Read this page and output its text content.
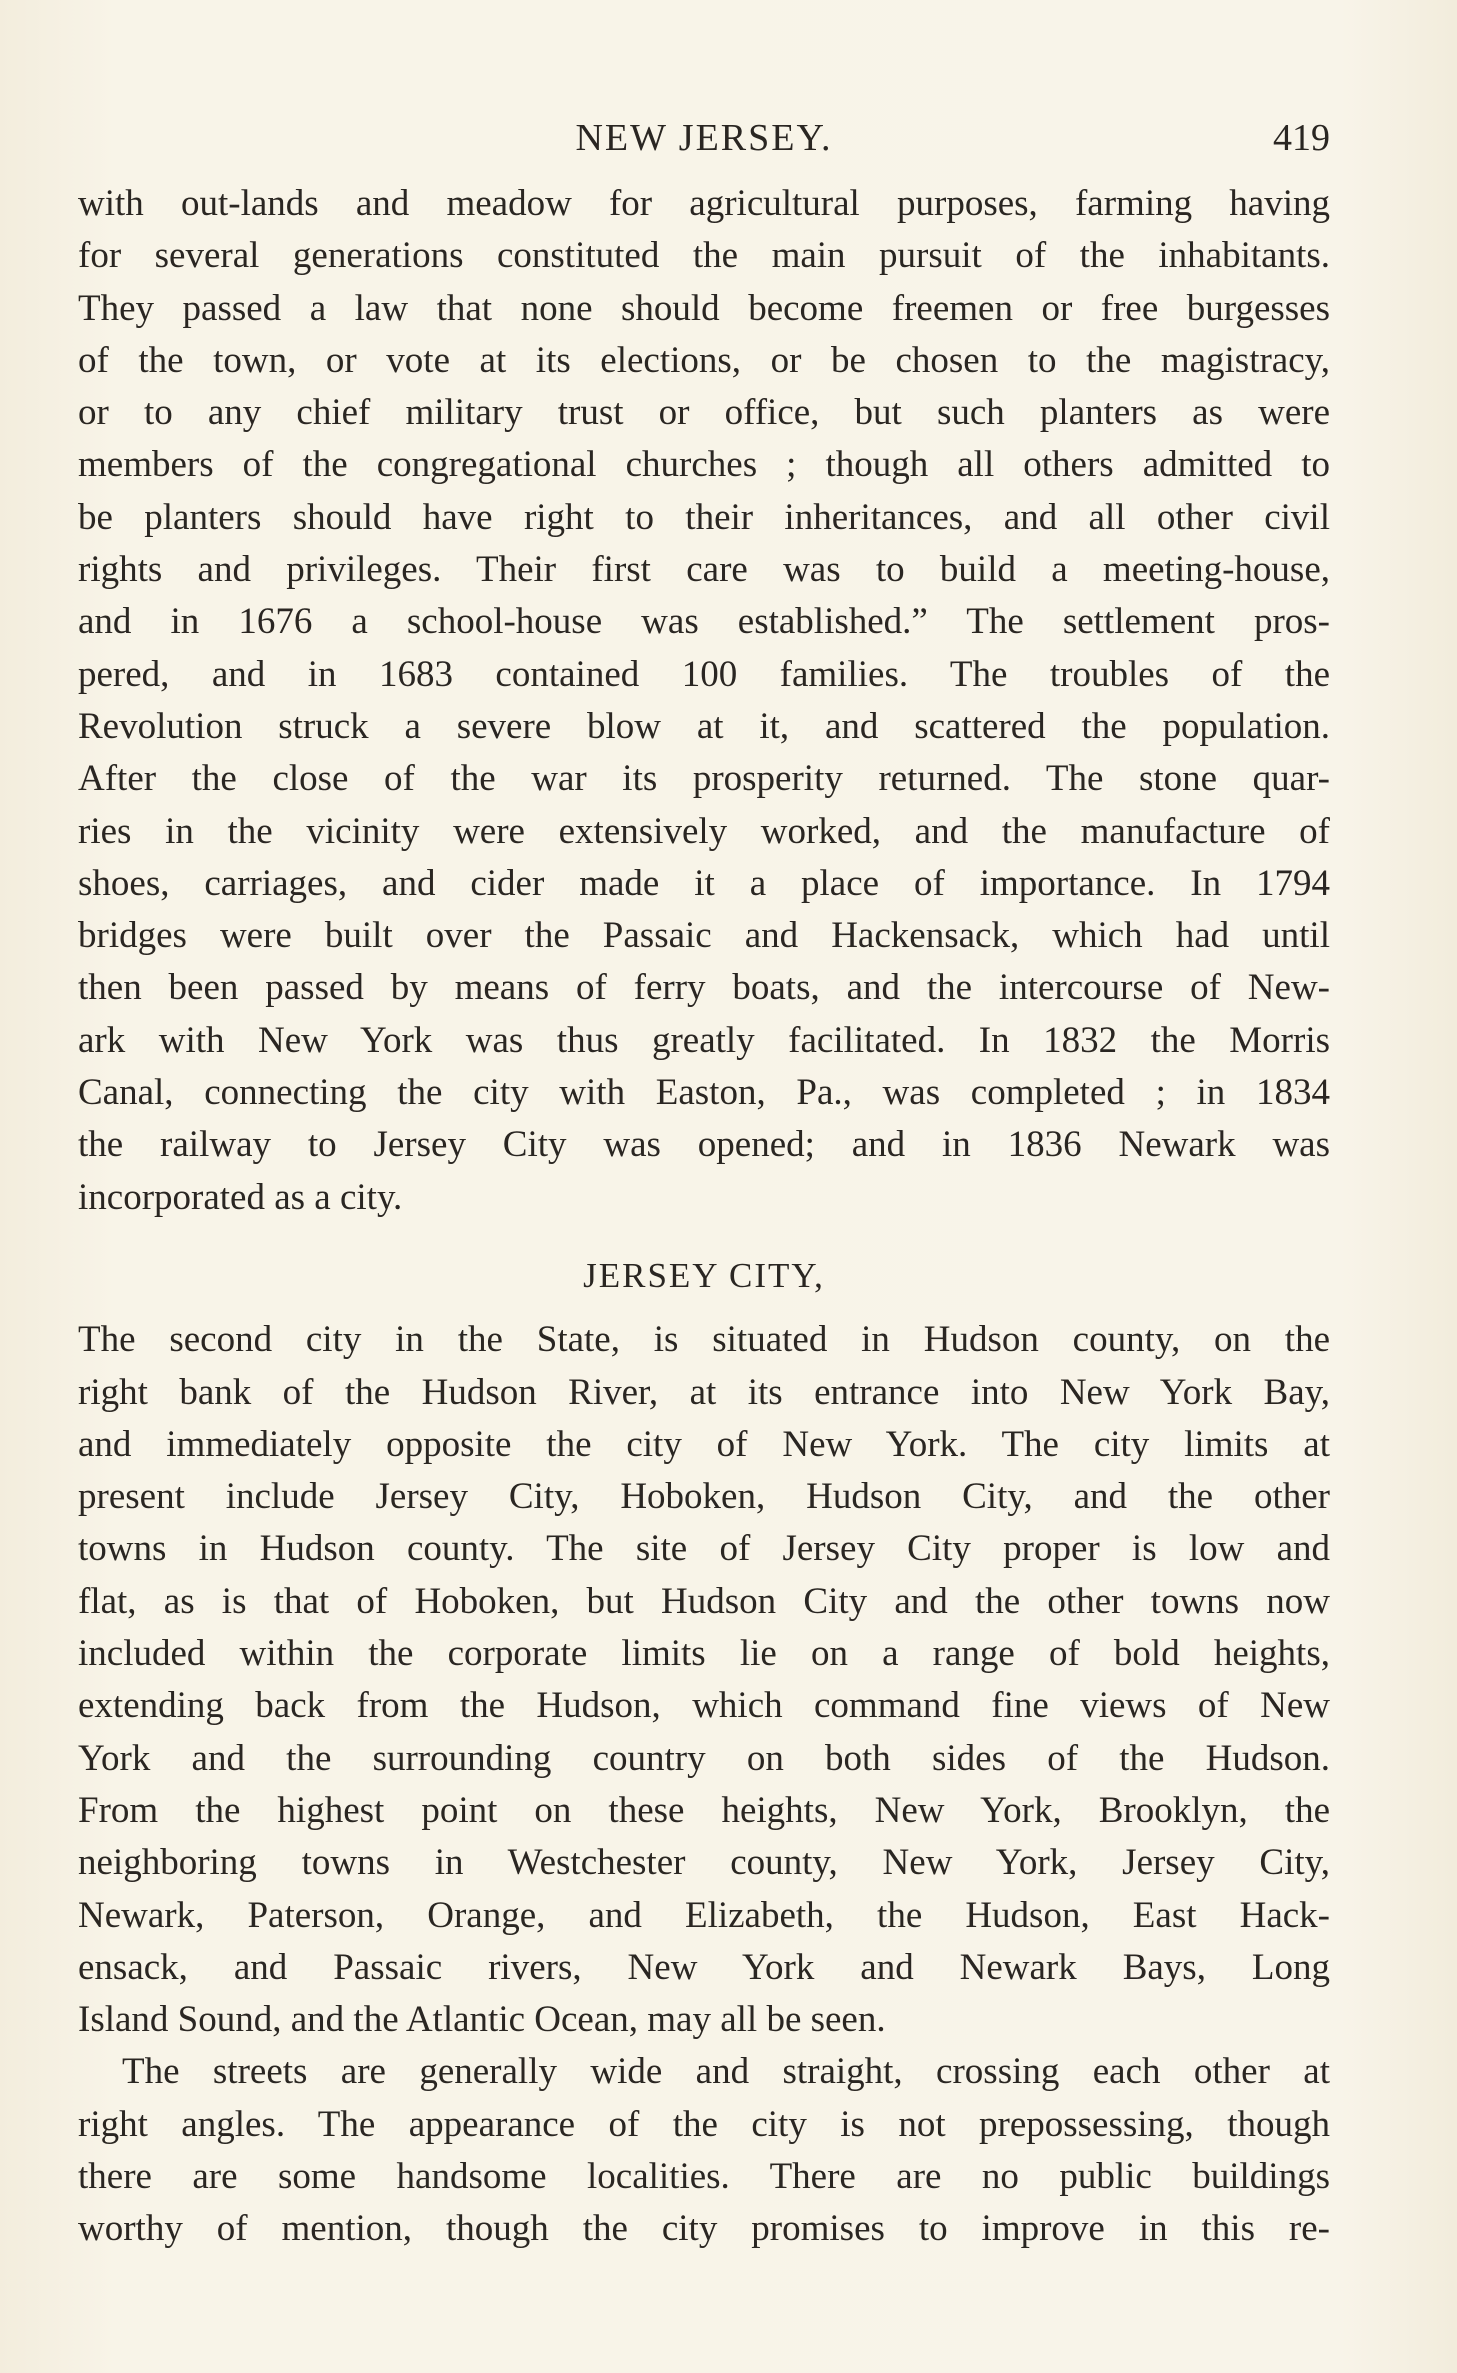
NEW JERSEY.	419
with out-lands and meadow for agricultural purposes, farming having
for several generations constituted the main pursuit of the inhabitants.
They passed a law that none should become freemen or free burgesses
of the town, or vote at its elections, or be chosen to the magistracy,
or to any chief military trust or office, but such planters as were
members of the congregational churches ; though all others admitted to
be planters should have right to their inheritances, and all other civil
rights and privileges. Their first care was to build a meeting-house,
and in 1676 a school-house was established.” The settlement pros-
pered, and in 1683 contained 100 families. The troubles of the
Revolution struck a severe blow at it, and scattered the population.
After the close of the war its prosperity returned. The stone quar-
ries in the vicinity were extensively worked, and the manufacture of
shoes, carriages, and cider made it a place of importance. In 1794
bridges were built over the Passaic and Hackensack, which had until
then been passed by means of ferry boats, and the intercourse of New-
ark with New York was thus greatly facilitated. In 1832 the Morris
Canal, connecting the city with Easton, Pa., was completed ; in 1834
the railway to Jersey City was opened; and in 1836 Newark was
incorporated as a city.
JERSEY CITY,
The second city in the State, is situated in Hudson county, on the
right bank of the Hudson River, at its entrance into New York Bay,
and immediately opposite the city of New York. The city limits at
present include Jersey City, Hoboken, Hudson City, and the other
towns in Hudson county. The site of Jersey City proper is low and
flat, as is that of Hoboken, but Hudson City and the other towns now
included within the corporate limits lie on a range of bold heights,
extending back from the Hudson, which command fine views of New
York and the surrounding country on both sides of the Hudson.
From the highest point on these heights, New York, Brooklyn, the
neighboring towns in Westchester county, New York, Jersey City,
Newark, Paterson, Orange, and Elizabeth, the Hudson, East Hack-
ensack, and Passaic rivers, New York and Newark Bays, Long
Island Sound, and the Atlantic Ocean, may all be seen.
The streets are generally wide and straight, crossing each other at
right angles. The appearance of the city is not prepossessing, though
there are some handsome localities. There are no public buildings
worthy of mention, though the city promises to improve in this re-
